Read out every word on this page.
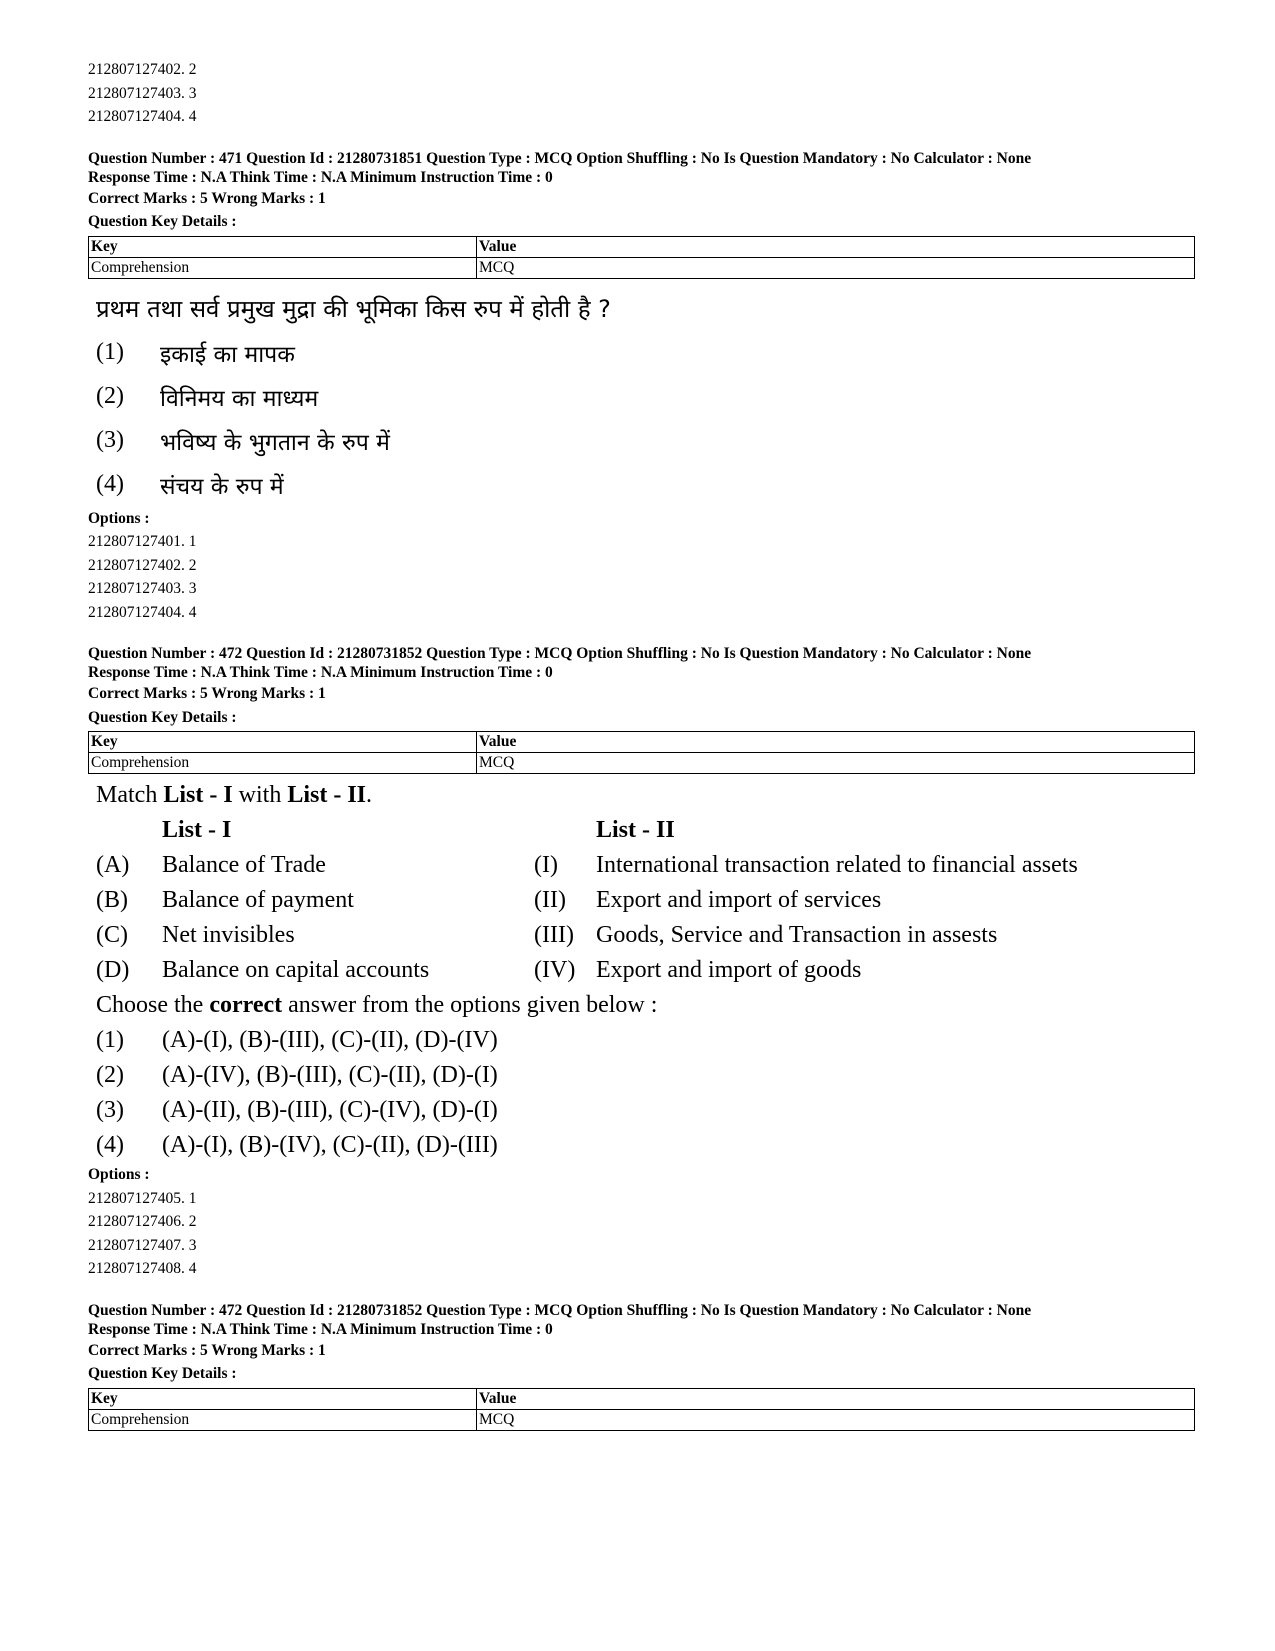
212807127402. 2
212807127403. 3
212807127404. 4
Question Number : 471 Question Id : 21280731851 Question Type : MCQ Option Shuffling : No Is Question Mandatory : No Calculator : None
Response Time : N.A Think Time : N.A Minimum Instruction Time : 0
Correct Marks : 5 Wrong Marks : 1
Question Key Details :
Key	Value
Comprehension	MCQ
प्रथम तथा सर्व प्रमुख मुद्रा की भूमिका किस रुप में होती है ?
(1)	इकाई का मापक
(2)	विनिमय का माध्यम
(3)	भविष्य के भुगतान के रुप में
(4)	संचय के रुप में
Options :
212807127401. 1
212807127402. 2
212807127403. 3
212807127404. 4
Question Number : 472 Question Id : 21280731852 Question Type : MCQ Option Shuffling : No Is Question Mandatory : No Calculator : None
Response Time : N.A Think Time : N.A Minimum Instruction Time : 0
Correct Marks : 5 Wrong Marks : 1
Question Key Details :
Key	Value
Comprehension	MCQ
Match List - I with List - II.
List - I	List - II
(A)	Balance of Trade	(I)	International transaction related to financial assets
(B)	Balance of payment	(II)	Export and import of services
(C)	Net invisibles	(III) Goods, Service and Transaction in assests
(D)	Balance on capital accounts	(IV) Export and import of goods
Choose the correct answer from the options given below :
(1)	(A)-(I), (B)-(III), (C)-(II), (D)-(IV)
(2)	(A)-(IV), (B)-(III), (C)-(II), (D)-(I)
(3)	(A)-(II), (B)-(III), (C)-(IV), (D)-(I)
(4)	(A)-(I), (B)-(IV), (C)-(II), (D)-(III)
Options :
212807127405. 1
212807127406. 2
212807127407. 3
212807127408. 4
Question Number : 472 Question Id : 21280731852 Question Type : MCQ Option Shuffling : No Is Question Mandatory : No Calculator : None
Response Time : N.A Think Time : N.A Minimum Instruction Time : 0
Correct Marks : 5 Wrong Marks : 1
Question Key Details :
Key	Value
Comprehension	MCQ
